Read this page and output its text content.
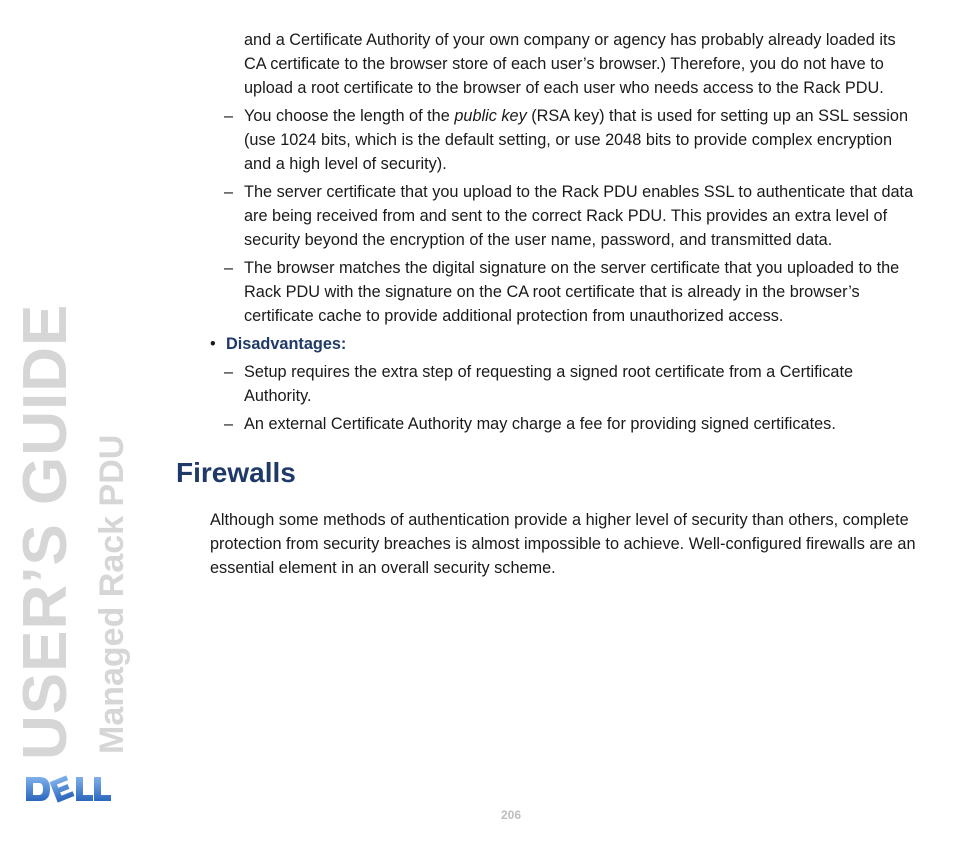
USER’S GUIDE Managed Rack PDU

and a Certificate Authority of your own company or agency has probably already loaded its CA certificate to the browser store of each user’s browser.) Therefore, you do not have to upload a root certificate to the browser of each user who needs access to the Rack PDU.

– You choose the length of the public key (RSA key) that is used for setting up an SSL session (use 1024 bits, which is the default setting, or use 2048 bits to provide complex encryption and a high level of security).
– The server certificate that you upload to the Rack PDU enables SSL to authenticate that data are being received from and sent to the correct Rack PDU. This provides an extra level of security beyond the encryption of the user name, password, and transmitted data.
– The browser matches the digital signature on the server certificate that you uploaded to the Rack PDU with the signature on the CA root certificate that is already in the browser’s certificate cache to provide additional protection from unauthorized access.
• Disadvantages:
– Setup requires the extra step of requesting a signed root certificate from a Certificate Authority.
– An external Certificate Authority may charge a fee for providing signed certificates.
Firewalls

Although some methods of authentication provide a higher level of security than others, complete protection from security breaches is almost impossible to achieve. Well-configured firewalls are an essential element in an overall security scheme.

206
